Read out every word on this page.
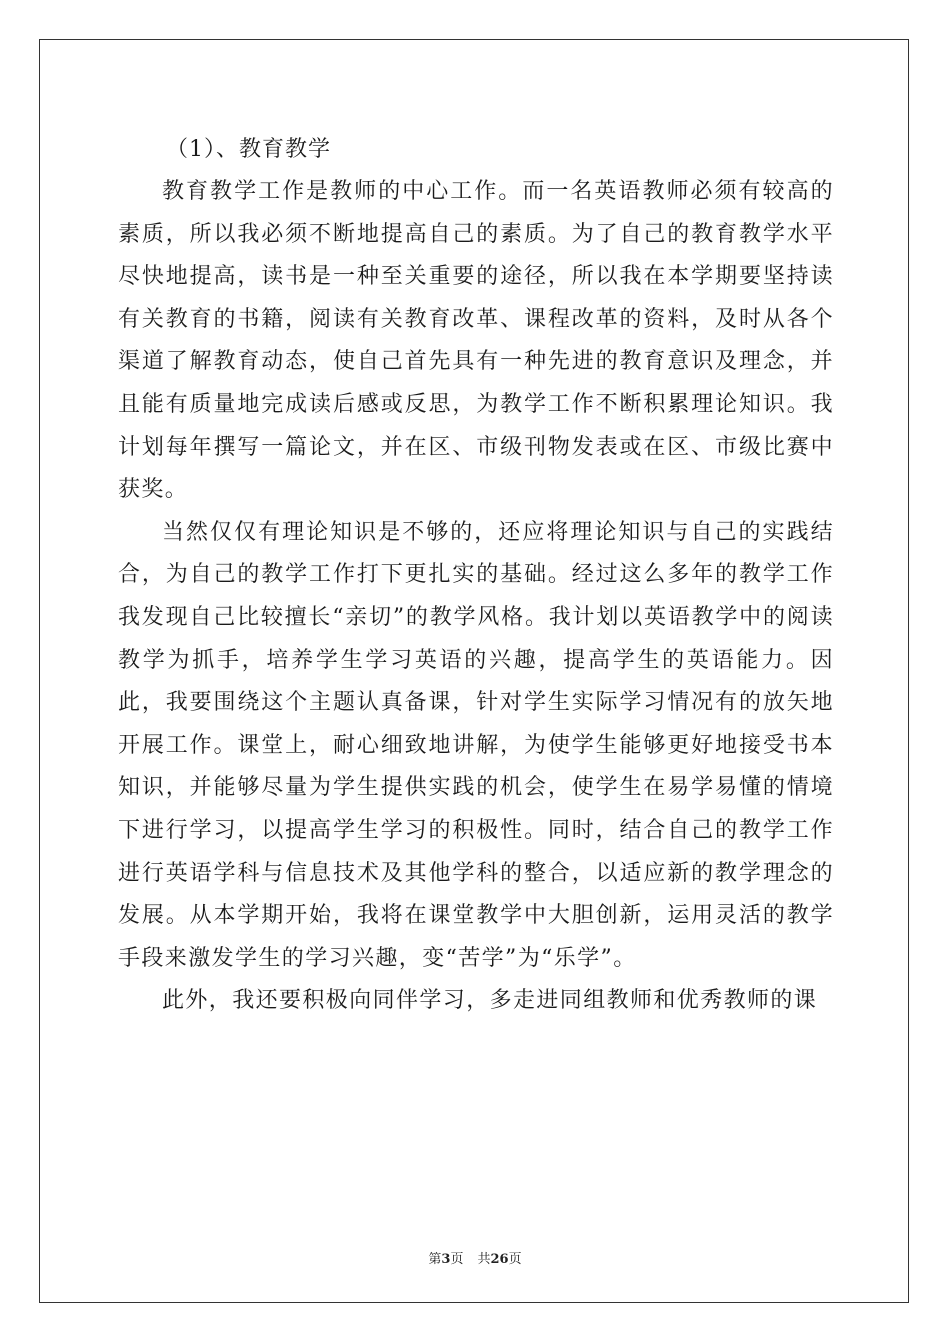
（1）、教育教学

教育教学工作是教师的中心工作。而一名英语教师必须有较高的素质，所以我必须不断地提高自己的素质。为了自己的教育教学水平尽快地提高，读书是一种至关重要的途径，所以我在本学期要坚持读有关教育的书籍，阅读有关教育改革、课程改革的资料，及时从各个渠道了解教育动态，使自己首先具有一种先进的教育意识及理念，并且能有质量地完成读后感或反思，为教学工作不断积累理论知识。我计划每年撰写一篇论文，并在区、市级刊物发表或在区、市级比赛中获奖。

当然仅仅有理论知识是不够的，还应将理论知识与自己的实践结合，为自己的教学工作打下更扎实的基础。经过这么多年的教学工作我发现自己比较擅长“亲切”的教学风格。我计划以英语教学中的阅读教学为抓手，培养学生学习英语的兴趣，提高学生的英语能力。因此，我要围绕这个主题认真备课，针对学生实际学习情况有的放矢地开展工作。课堂上，耐心细致地讲解，为使学生能够更好地接受书本知识，并能够尽量为学生提供实践的机会，使学生在易学易懂的情境下进行学习，以提高学生学习的积极性。同时，结合自己的教学工作进行英语学科与信息技术及其他学科的整合，以适应新的教学理念的发展。从本学期开始，我将在课堂教学中大胆创新，运用灵活的教学手段来激发学生的学习兴趣，变“苦学”为“乐学”。

此外，我还要积极向同伴学习，多走进同组教师和优秀教师的课

第3页 共26页
